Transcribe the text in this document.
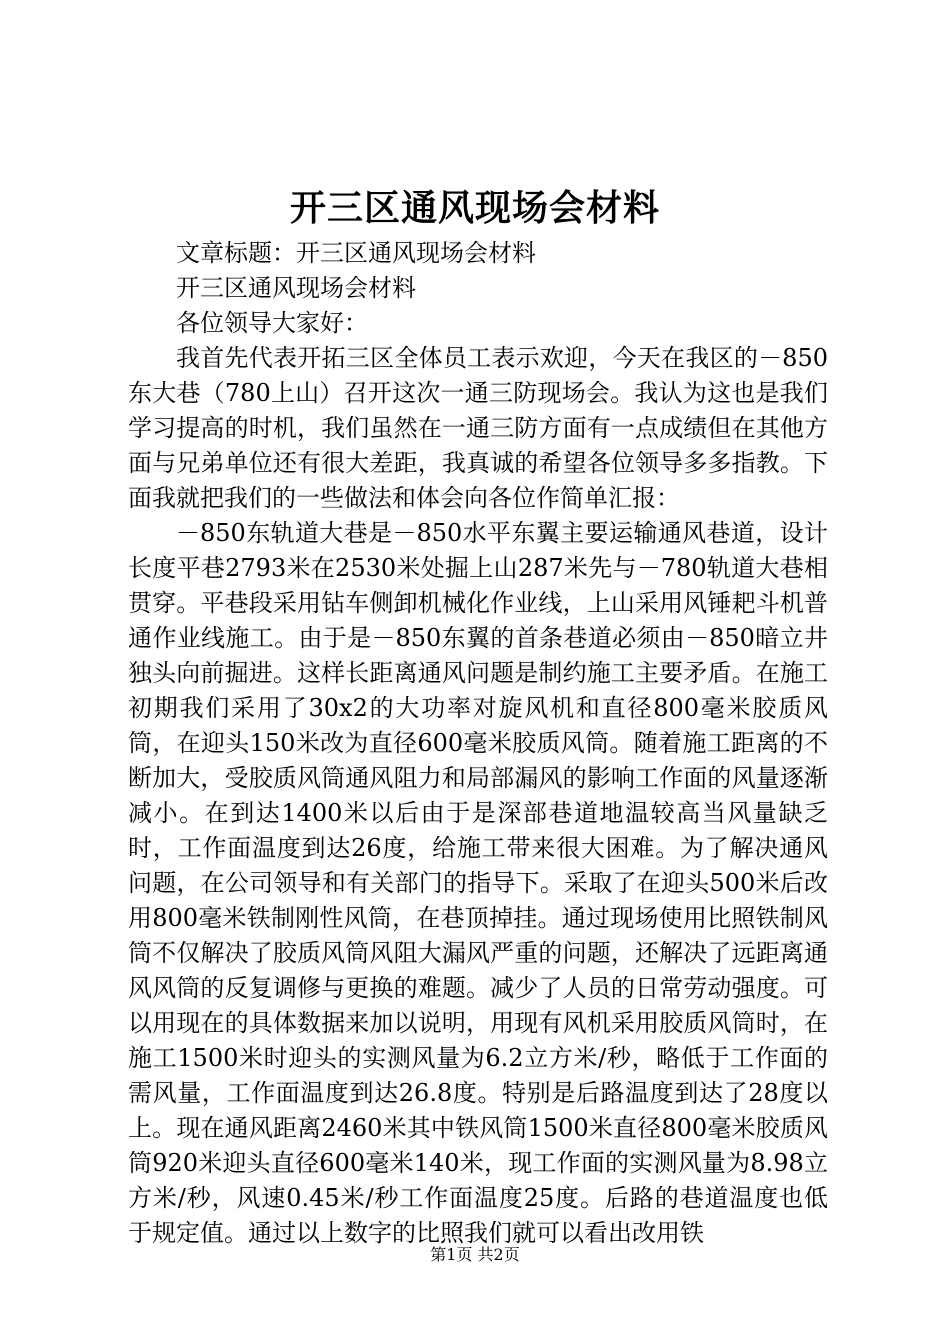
开三区通风现场会材料

文章标题：开三区通风现场会材料

开三区通风现场会材料

各位领导大家好：

我首先代表开拓三区全体员工表示欢迎，今天在我区的－850东大巷（780上山）召开这次一通三防现场会。我认为这也是我们学习提高的时机，我们虽然在一通三防方面有一点成绩但在其他方面与兄弟单位还有很大差距，我真诚的希望各位领导多多指教。下面我就把我们的一些做法和体会向各位作简单汇报：

－850东轨道大巷是－850水平东翼主要运输通风巷道，设计长度平巷2793米在2530米处掘上山287米先与－780轨道大巷相贯穿。平巷段采用钻车侧卸机械化作业线，上山采用风锤耙斗机普通作业线施工。由于是－850东翼的首条巷道必须由－850暗立井独头向前掘进。这样长距离通风问题是制约施工主要矛盾。在施工初期我们采用了30x2的大功率对旋风机和直径800毫米胶质风筒，在迎头150米改为直径600毫米胶质风筒。随着施工距离的不断加大，受胶质风筒通风阻力和局部漏风的影响工作面的风量逐渐减小。在到达1400米以后由于是深部巷道地温较高当风量缺乏时，工作面温度到达26度，给施工带来很大困难。为了解决通风问题，在公司领导和有关部门的指导下。采取了在迎头500米后改用800毫米铁制刚性风筒，在巷顶掉挂。通过现场使用比照铁制风筒不仅解决了胶质风筒风阻大漏风严重的问题，还解决了远距离通风风筒的反复调修与更换的难题。减少了人员的日常劳动强度。可以用现在的具体数据来加以说明，用现有风机采用胶质风筒时，在施工1500米时迎头的实测风量为6.2立方米/秒，略低于工作面的需风量，工作面温度到达26.8度。特别是后路温度到达了28度以上。现在通风距离2460米其中铁风筒1500米直径800毫米胶质风筒920米迎头直径600毫米140米，现工作面的实测风量为8.98立方米/秒，风速0.45米/秒工作面温度25度。后路的巷道温度也低于规定值。通过以上数字的比照我们就可以看出改用铁

第1页 共2页
